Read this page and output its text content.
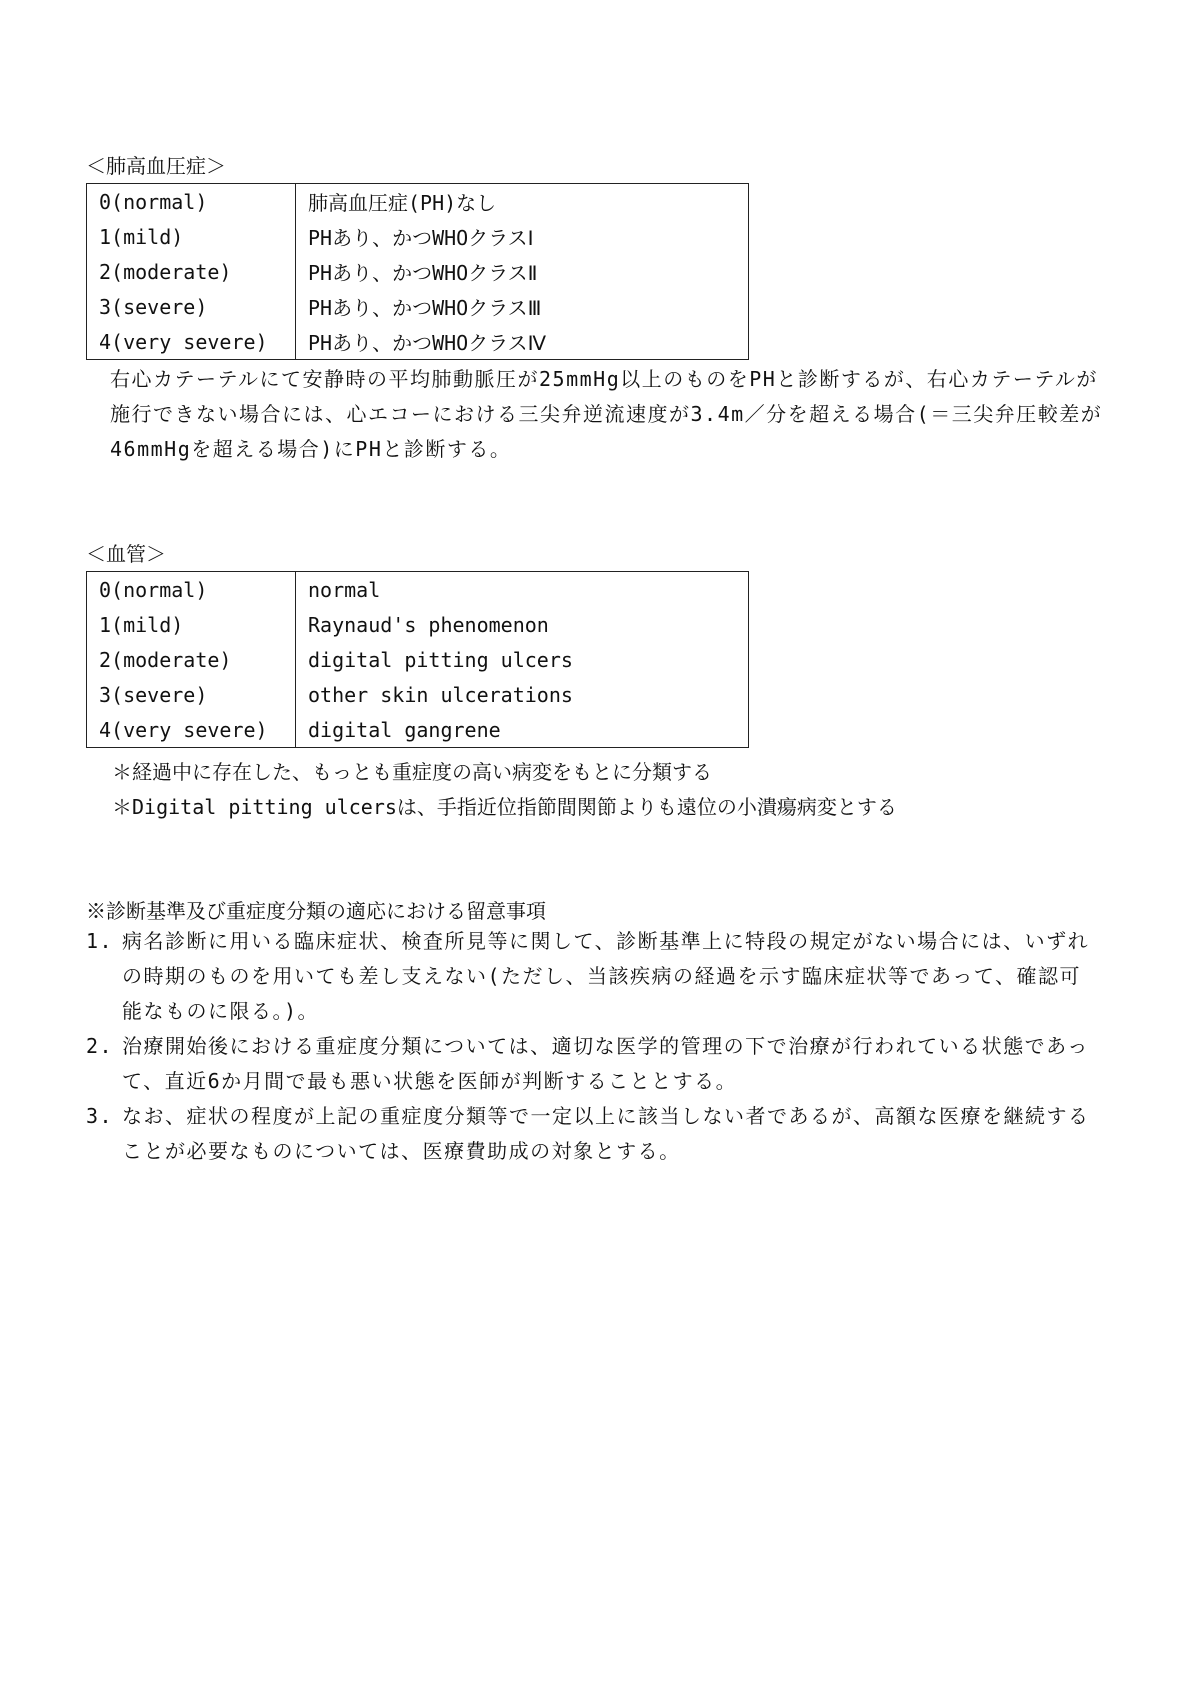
＜肺高血圧症＞
0(normal)	肺高血圧症(PH)なし
1(mild)	PHあり、かつWHOクラスⅠ
2(moderate)	PHあり、かつWHOクラスⅡ
3(severe)	PHあり、かつWHOクラスⅢ
4(very severe)	PHあり、かつWHOクラスⅣ
右心カテーテルにて安静時の平均肺動脈圧が25mmHg以上のものをPHと診断するが、右心カテーテルが施行できない場合には、心エコーにおける三尖弁逆流速度が3.4m／分を超える場合(＝三尖弁圧較差が46mmHgを超える場合)にPHと診断する。
＜血管＞
0(normal)	normal
1(mild)	Raynaud's phenomenon
2(moderate)	digital pitting ulcers
3(severe)	other skin ulcerations
4(very severe)	digital gangrene
＊経過中に存在した、もっとも重症度の高い病変をもとに分類する
＊Digital pitting ulcersは、手指近位指節間関節よりも遠位の小潰瘍病変とする
※診断基準及び重症度分類の適応における留意事項
1. 病名診断に用いる臨床症状、検査所見等に関して、診断基準上に特段の規定がない場合には、いずれの時期のものを用いても差し支えない(ただし、当該疾病の経過を示す臨床症状等であって、確認可能なものに限る。)。
2. 治療開始後における重症度分類については、適切な医学的管理の下で治療が行われている状態であって、直近6か月間で最も悪い状態を医師が判断することとする。
3. なお、症状の程度が上記の重症度分類等で一定以上に該当しない者であるが、高額な医療を継続することが必要なものについては、医療費助成の対象とする。
